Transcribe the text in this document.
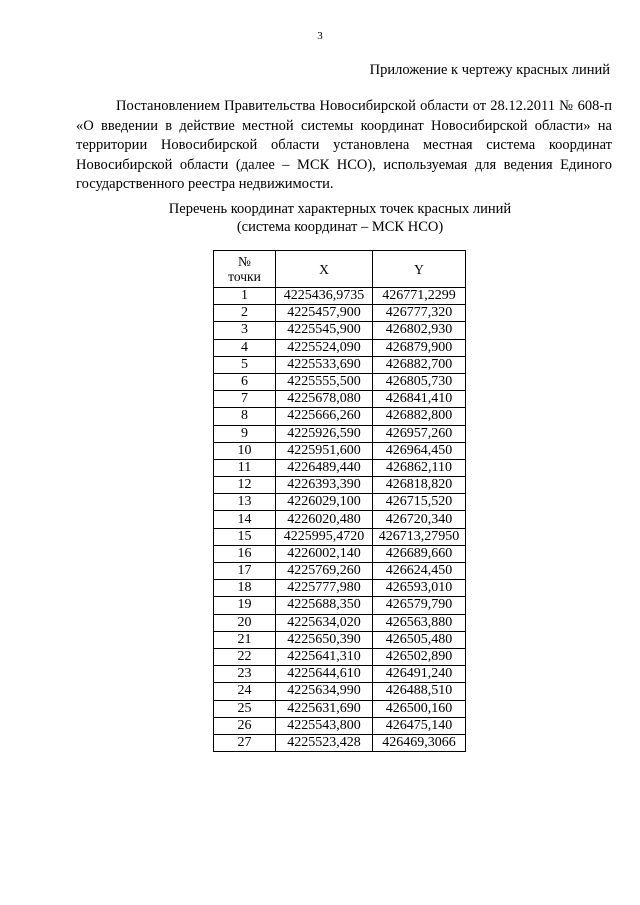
3
Приложение к чертежу красных линий

Постановлением Правительства Новосибирской области от 28.12.2011 № 608-п «О введении в действие местной системы координат Новосибирской области» на территории Новосибирской области установлена местная система координат Новосибирской области (далее – МСК НСО), используемая для ведения Единого государственного реестра недвижимости.

Перечень координат характерных точек красных линий
(система координат – МСК НСО)
№ точки	X	Y
1	4225436,9735	426771,2299
2	4225457,900	426777,320
3	4225545,900	426802,930
4	4225524,090	426879,900
5	4225533,690	426882,700
6	4225555,500	426805,730
7	4225678,080	426841,410
8	4225666,260	426882,800
9	4225926,590	426957,260
10	4225951,600	426964,450
11	4226489,440	426862,110
12	4226393,390	426818,820
13	4226029,100	426715,520
14	4226020,480	426720,340
15	4225995,4720	426713,27950
16	4226002,140	426689,660
17	4225769,260	426624,450
18	4225777,980	426593,010
19	4225688,350	426579,790
20	4225634,020	426563,880
21	4225650,390	426505,480
22	4225641,310	426502,890
23	4225644,610	426491,240
24	4225634,990	426488,510
25	4225631,690	426500,160
26	4225543,800	426475,140
27	4225523,428	426469,3066
